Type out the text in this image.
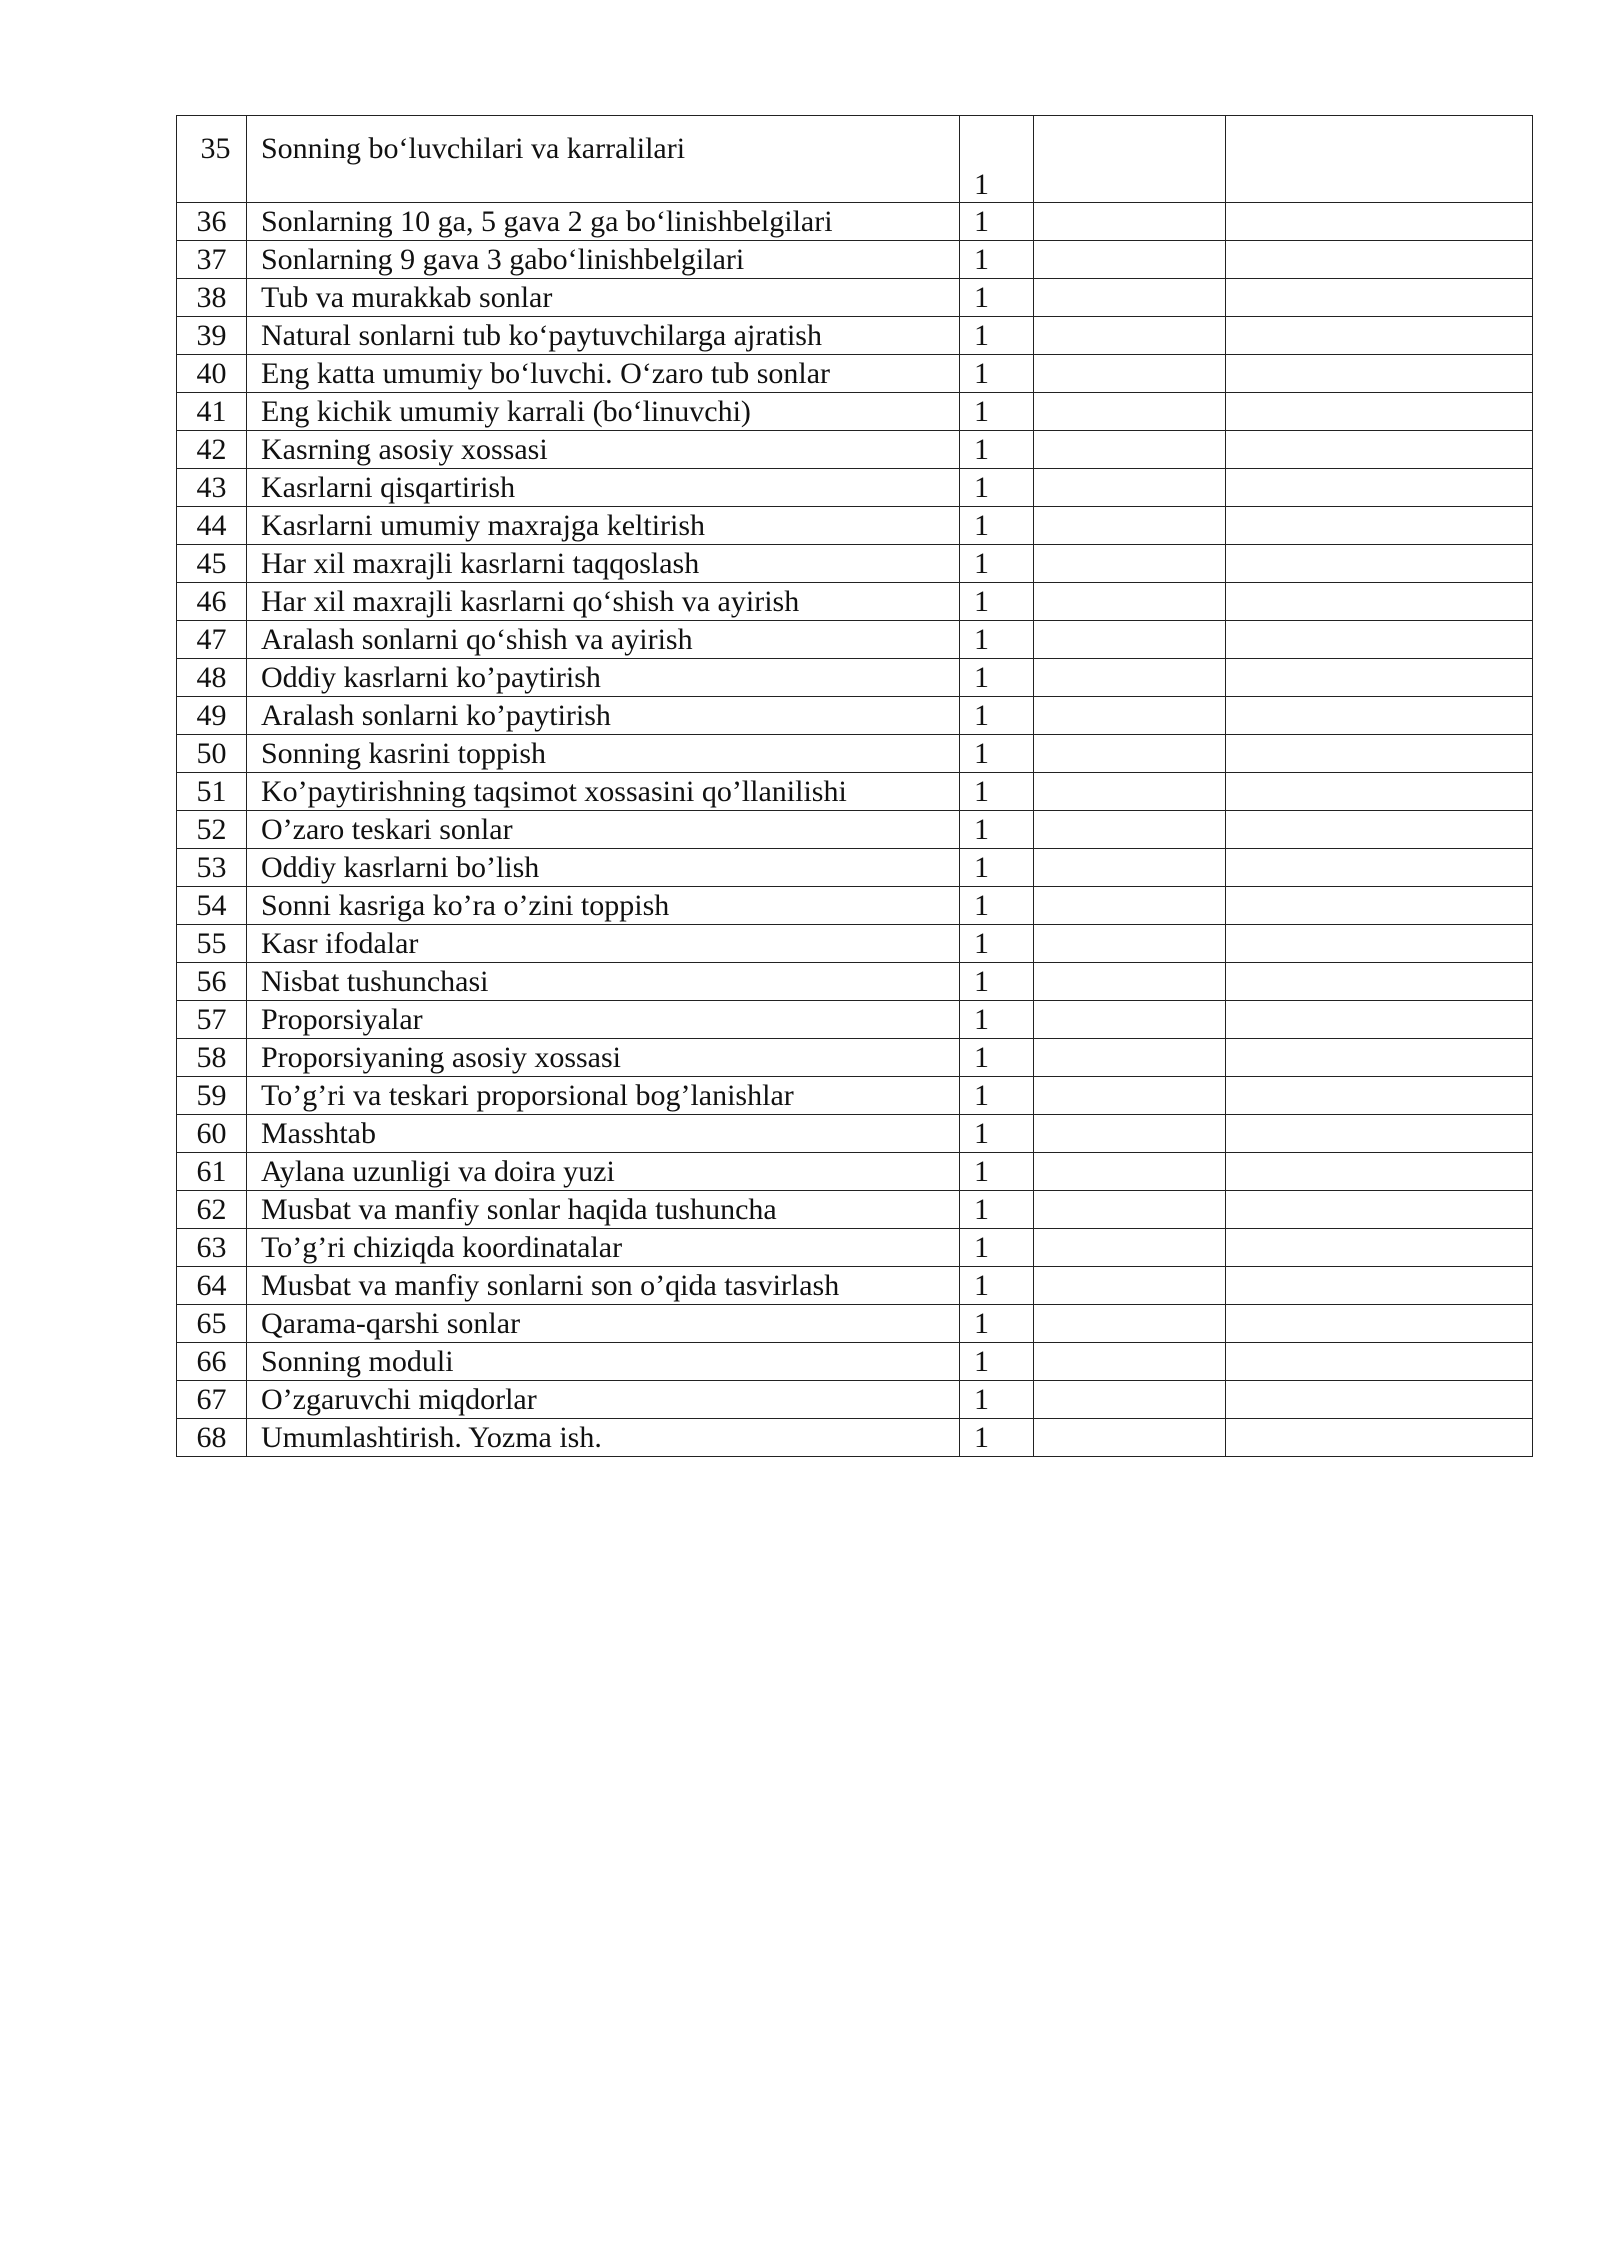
35	Sonning bo‘luvchilari va karralilari	1		
36	Sonlarning 10 ga, 5 gava 2 ga bo‘linishbelgilari	1		
37	Sonlarning 9 gava 3 gabo‘linishbelgilari	1		
38	Tub va murakkab sonlar	1		
39	Natural sonlarni tub ko‘paytuvchilarga ajratish	1		
40	Eng katta umumiy bo‘luvchi. O‘zaro tub sonlar	1		
41	Eng kichik umumiy karrali (bo‘linuvchi)	1		
42	Kasrning asosiy xossasi	1		
43	Kasrlarni qisqartirish	1		
44	Kasrlarni umumiy maxrajga keltirish	1		
45	Har xil maxrajli kasrlarni taqqoslash	1		
46	Har xil maxrajli kasrlarni qo‘shish va ayirish	1		
47	Aralash sonlarni qo‘shish va ayirish	1		
48	Oddiy kasrlarni ko’paytirish	1		
49	Aralash sonlarni ko’paytirish	1		
50	Sonning kasrini toppish	1		
51	Ko’paytirishning taqsimot xossasini qo’llanilishi	1		
52	O’zaro teskari sonlar	1		
53	Oddiy kasrlarni bo’lish	1		
54	Sonni kasriga ko’ra o’zini toppish	1		
55	Kasr ifodalar	1		
56	Nisbat tushunchasi	1		
57	Proporsiyalar	1		
58	Proporsiyaning asosiy xossasi	1		
59	To’g’ri va teskari proporsional bog’lanishlar	1		
60	Masshtab	1		
61	Aylana uzunligi va doira yuzi	1		
62	Musbat va manfiy sonlar haqida tushuncha	1		
63	To’g’ri chiziqda koordinatalar	1		
64	Musbat va manfiy sonlarni son o’qida tasvirlash	1		
65	Qarama-qarshi sonlar	1		
66	Sonning moduli	1		
67	O’zgaruvchi miqdorlar	1		
68	Umumlashtirish. Yozma ish.	1		
